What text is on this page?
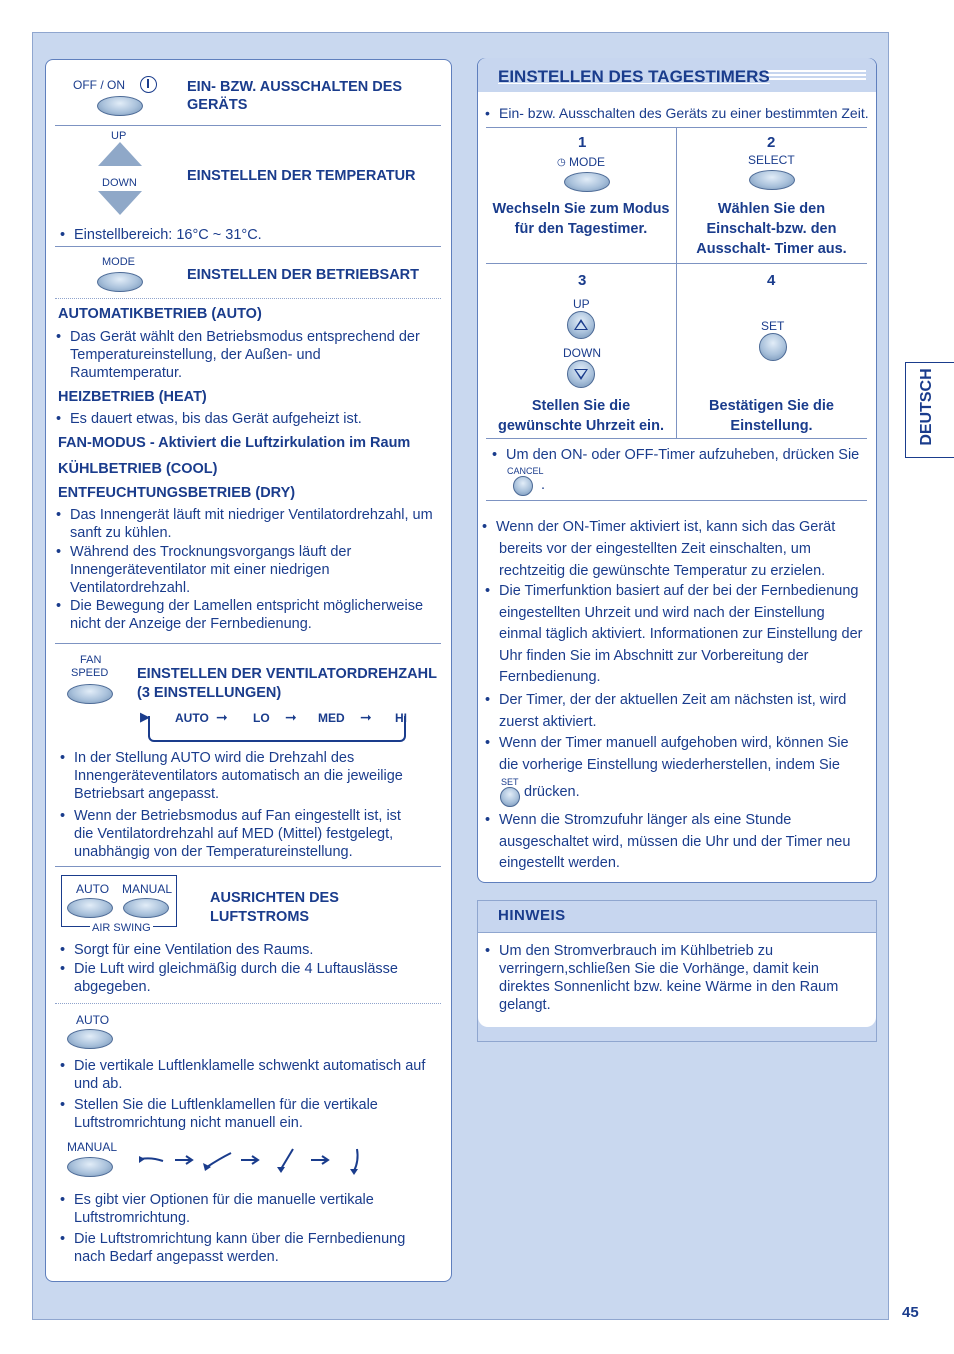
OFF / ON	EIN- BZW. AUSSCHALTEN DES GERÄTS
UP
DOWN	EINSTELLEN DER TEMPERATUR
• Einstellbereich: 16°C ~ 31°C.
MODE
EINSTELLEN DER BETRIEBSART
AUTOMATIKBETRIEB (AUTO)
• Das Gerät wählt den Betriebsmodus entsprechend der Temperatureinstellung, der Außen- und Raumtemperatur.
HEIZBETRIEB (HEAT)
• Es dauert etwas, bis das Gerät aufgeheizt ist.
FAN-MODUS - Aktiviert die Luftzirkulation im Raum
KÜHLBETRIEB (COOL)
ENTFEUCHTUNGSBETRIEB (DRY)
• Das Innengerät läuft mit niedriger Ventilatordrehzahl, um sanft zu kühlen.
• Während des Trocknungsvorgangs läuft der Innengeräteventilator mit einer niedrigen Ventilatordrehzahl.
• Die Bewegung der Lamellen entspricht möglicherweise nicht der Anzeige der Fernbedienung.
FAN
SPEED EINSTELLEN DER VENTILATORDREHZAHL
(3 EINSTELLUNGEN)
▶ AUTO ➞ LO ➞ MED ➞ HI
• In der Stellung AUTO wird die Drehzahl des Innengeräteventilators automatisch an die jeweilige Betriebsart angepasst.
• Wenn der Betriebsmodus auf Fan eingestellt ist, ist die Ventilatordrehzahl auf MED (Mittel) festgelegt, unabhängig von der Temperatureinstellung.
AUTO MANUAL
AIR SWING
AUSRICHTEN DES
LUFTSTROMS
• Sorgt für eine Ventilation des Raums.
• Die Luft wird gleichmäßig durch die 4 Luftauslässe abgegeben.
AUTO
• Die vertikale Luftlenklamelle schwenkt automatisch auf und ab.
• Stellen Sie die Luftlenklamellen für die vertikale Luftstromrichtung nicht manuell ein.
MANUAL
• Es gibt vier Optionen für die manuelle vertikale Luftstromrichtung.
• Die Luftstromrichtung kann über die Fernbedienung nach Bedarf angepasst werden.
EINSTELLEN DES TAGESTIMERS
• Ein- bzw. Ausschalten des Geräts zu einer bestimmten Zeit.
1
◷ MODE
Wechseln Sie zum Modus
für den Tagestimer.
2
SELECT
Wählen Sie den
Einschalt-bzw. den
Ausschalt- Timer aus.
3
UP
DOWN
Stellen Sie die
gewünschte Uhrzeit ein.
4
SET
Bestätigen Sie die
Einstellung.
• Um den ON- oder OFF-Timer aufzuheben, drücken Sie
CANCEL
.
• Wenn der ON-Timer aktiviert ist, kann sich das Gerät bereits vor der eingestellten Zeit einschalten, um rechtzeitig die gewünschte Temperatur zu erzielen.
• Die Timerfunktion basiert auf der bei der Fernbedienung eingestellten Uhrzeit und wird nach der Einstellung einmal täglich aktiviert. Informationen zur Einstellung der Uhr finden Sie im Abschnitt zur Vorbereitung der Fernbedienung.
• Der Timer, der der aktuellen Zeit am nächsten ist, wird zuerst aktiviert.
• Wenn der Timer manuell aufgehoben wird, können Sie die vorherige Einstellung wiederherstellen, indem Sie
SET
drücken.
• Wenn die Stromzufuhr länger als eine Stunde ausgeschaltet wird, müssen die Uhr und der Timer neu eingestellt werden.
HINWEIS
• Um den Stromverbrauch im Kühlbetrieb zu verringern,schließen Sie die Vorhänge, damit kein direktes Sonnenlicht bzw. keine Wärme in den Raum gelangt.
DEUTSCH
45
